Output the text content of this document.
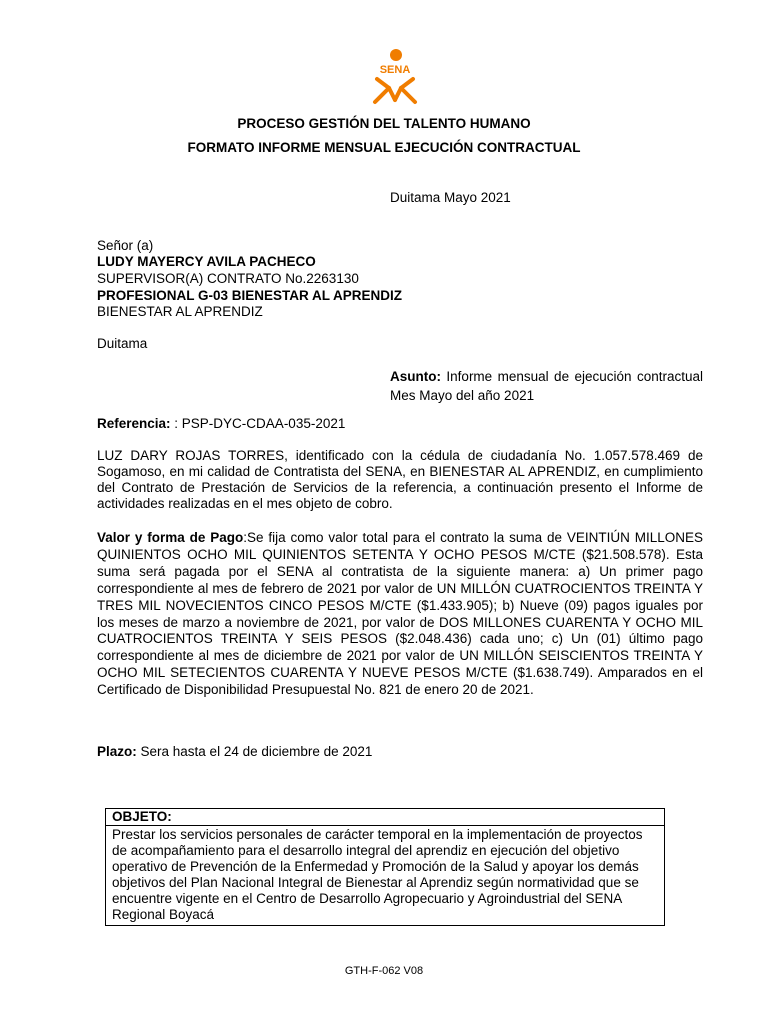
SENA
PROCESO GESTIÓN DEL TALENTO HUMANO
FORMATO INFORME MENSUAL EJECUCIÓN CONTRACTUAL
Duitama Mayo 2021
Señor (a)
LUDY MAYERCY AVILA PACHECO
SUPERVISOR(A) CONTRATO No.2263130
PROFESIONAL G-03 BIENESTAR AL APRENDIZ
BIENESTAR AL APRENDIZ
Duitama
Asunto: Informe mensual de ejecución contractual Mes Mayo del año 2021
Referencia: : PSP-DYC-CDAA-035-2021
LUZ DARY ROJAS TORRES, identificado con la cédula de ciudadanía No. 1.057.578.469 de Sogamoso, en mi calidad de Contratista del SENA, en BIENESTAR AL APRENDIZ, en cumplimiento del Contrato de Prestación de Servicios de la referencia, a continuación presento el Informe de actividades realizadas en el mes objeto de cobro.
Valor y forma de Pago:Se fija como valor total para el contrato la suma de VEINTIÚN MILLONES QUINIENTOS OCHO MIL QUINIENTOS SETENTA Y OCHO PESOS M/CTE ($21.508.578). Esta suma será pagada por el SENA al contratista de la siguiente manera: a) Un primer pago correspondiente al mes de febrero de 2021 por valor de UN MILLÓN CUATROCIENTOS TREINTA Y TRES MIL NOVECIENTOS CINCO PESOS M/CTE ($1.433.905); b) Nueve (09) pagos iguales por los meses de marzo a noviembre de 2021, por valor de DOS MILLONES CUARENTA Y OCHO MIL CUATROCIENTOS TREINTA Y SEIS PESOS ($2.048.436) cada uno; c) Un (01) último pago correspondiente al mes de diciembre de 2021 por valor de UN MILLÓN SEISCIENTOS TREINTA Y OCHO MIL SETECIENTOS CUARENTA Y NUEVE PESOS M/CTE ($1.638.749). Amparados en el Certificado de Disponibilidad Presupuestal No. 821 de enero 20 de 2021.
Plazo: Sera hasta el 24 de diciembre de 2021
OBJETO:
Prestar los servicios personales de carácter temporal en la implementación de proyectos de acompañamiento para el desarrollo integral del aprendiz en ejecución del objetivo operativo de Prevención de la Enfermedad y Promoción de la Salud y apoyar los demás objetivos del Plan Nacional Integral de Bienestar al Aprendiz según normatividad que se encuentre vigente en el Centro de Desarrollo Agropecuario y Agroindustrial del SENA Regional Boyacá
GTH-F-062 V08
